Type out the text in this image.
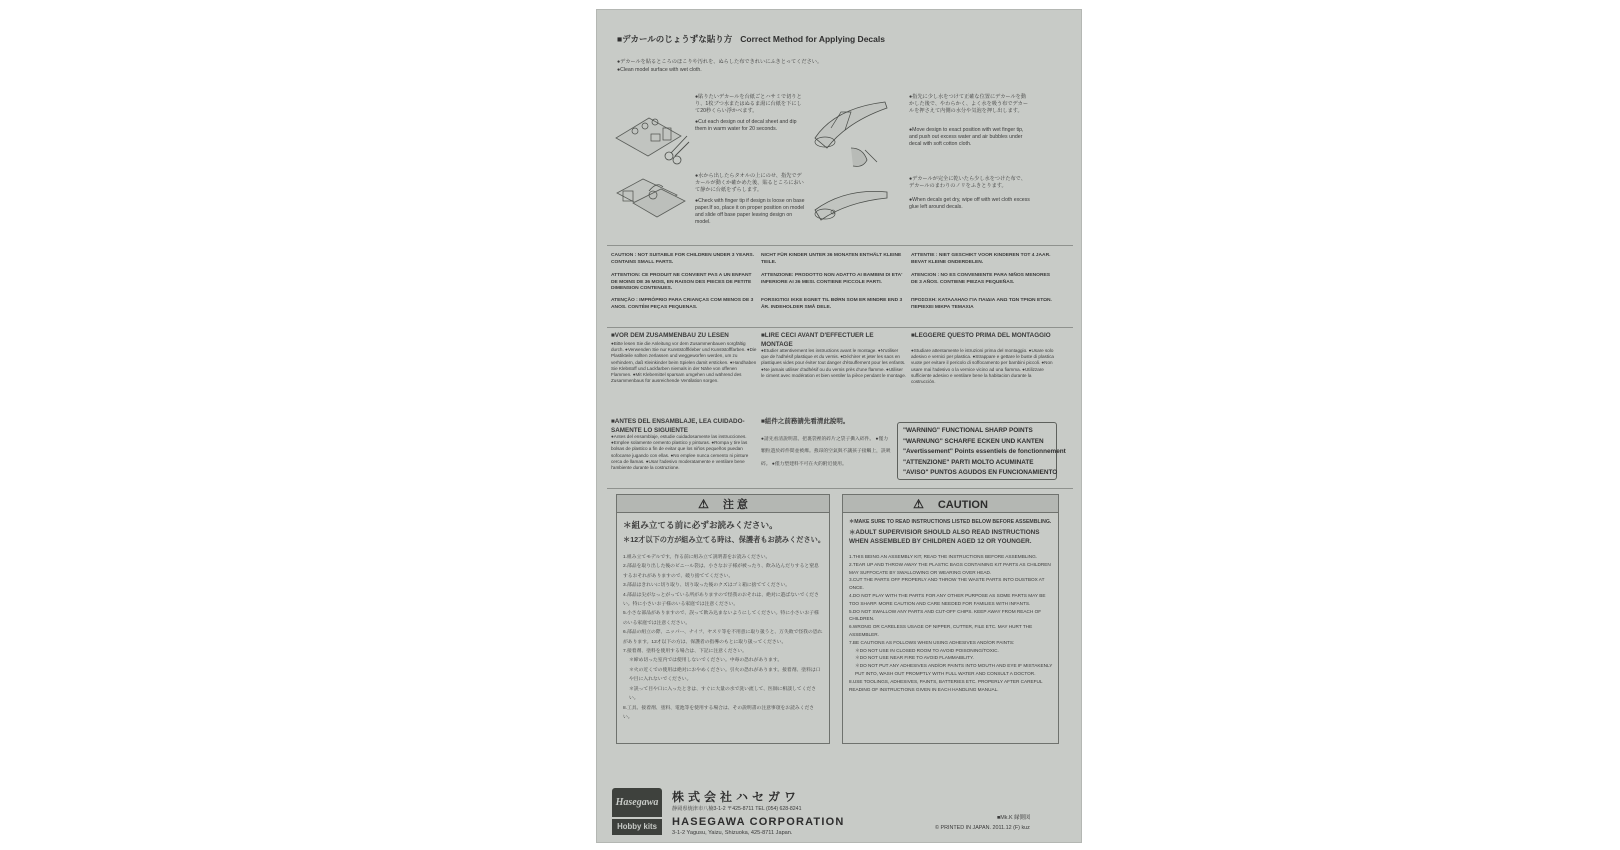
■デカールのじょうずな貼り方 Correct Method for Applying Decals
●デカールを貼るところのほこりや汚れを、ぬらした布できれいにふきとってください。
●Clean model surface with wet cloth.
●貼りたいデカールを台紙ごとハサミで切りとり、1枚ブつ水またはぬるま湯に台紙を下にして20秒くらい浮かべます。
●Cut each design out of decal sheet and dip them in warm water for 20 seconds.
●水から出したらタオルの上にのせ、指先でデカールが動くか確かめた後、貼るところにおいて静かに台紙をずらします。
●Check with finger tip if design is loose on base paper.If so, place it on proper position on model and slide off base paper leaving design on model.
●指先に少し水をつけて正確な位置にデカールを動かした後で、やわらかく、よく水を吸う布でデカールを押さえて内側の水分や気泡を押し出します。
●Move design to exact position with wet finger tip, and push out excess water and air bubbles under decal with soft cotton cloth.
●デカールが完全に乾いたら少し水をつけた布で、デカールのまわりのノリをふきとります。
●When decals get dry, wipe off with wet cloth excess glue left around decals.
CAUTION : NOT SUITABLE FOR CHILDREN UNDER 3 YEARS. CONTAINS SMALL PARTS.
NICHT FÜR KINDER UNTER 36 MONATEN ENTHÄLT KLEINE TEILE.
ATTENTIE : NIET GESCHIKT VOOR KINDEREN TOT 4 JAAR. BEVAT KLEINE ONDERDELEN.
ATTENTION: CE PRODUIT NE CONVIENT PAS A UN ENFANT DE MOINS DE 36 MOIS, EN RAISON DES PIECES DE PETITE DIMENSION CONTENUES.
ATTENZIONE: PRODOTTO NON ADATTO AI BAMBINI DI ETA' INFERIORE AI 36 MESI. CONTIENE PICCOLE PARTI.
ATENCION : NO ES CONVENIENTE PARA NIÑOS MENORES DE 3 AÑOS. CONTIENE PIEZAS PEQUEÑAS.
ATENÇÃO : IMPRÓPRIO PARA CRIANÇAS COM MENOS DE 3 ANOS. CONTÉM PEÇAS PEQUENAS.
FORSIGTIG! IKKE EGNET TIL BØRN SOM ER MINDRE END 3 ÅR. INDEHOLDER SMÅ DELE.
ΠΡΟΣΟΧΗ: ΚΑΤΑΛΛΗΛΟ ΓΙΑ ΠΑΙΔΙΑ ΑΝΩ ΤΩΝ ΤΡΙΩΝ ΕΤΩΝ. ΠΕΡΙΕΧΕΙ ΜΙΚΡΑ ΤΕΜΑΧΙΑ
■VOR DEM ZUSAMMENBAU ZU LESEN
●Bitte lesen Sie die Anleitung vor dem Zusammenbauen sorgfältig durch. ●Verwenden Sie nur Kunststoffkleber und Kunststofffarben. ●Die Plastikteile sollten zerlassen und weggeworfen werden, um zu verhindern, daß Kleinkinder beim Spielen damit ersticken. ●Handhaben Sie Klebstoff und Lackfarben niemals in der Nähe von offenen Flammen. ●Mit Klebemittel sparsam umgehen und während des Zusammenbaus für ausreichende Ventilation sorgen.
■LIRE CECI AVANT D'EFFECTUER LE MONTAGE
●Etudier attentivement les instructions avant le montage. ●N'utiliser que de l'adhésif plastique et du vernis. ●Déchirer et jeter les sacs en plastiques vides pour éviter tout danger d'étouffement pour les enfants. ●Ne jamais utiliser d'adhésif ou du vernis près d'une flamme. ●Utiliser le ciment avec modération et bien ventiler la pièce pendant le montage.
■LEGGERE QUESTO PRIMA DEL MONTAGGIO
●Studiare attentamente le istruzioni prima del montaggio. ●Usare solo adesivo e vernici per plastica. ●Strappare e gettare le buste di plastica vuote per evitare il pericolo di soffocamento per bambini piccoli. ●Non usare mai l'adesivo o la vernice vicino ad una fiamma. ●Utilizzare sufficiente adesivo e ventilare bene la habitacion durante la costrucción.
■ANTES DEL ENSAMBLAJE, LEA CUIDADO-SAMENTE LO SIGUIENTE
●Antes del ensamblaje, estudie cuidadosamente las instrucciones. ●Emplee solamente cemento plastico y pinturas. ●Rompa y tire las bolsas de plastico a fin de evitar que los niños pequeños puedan sofocarse jugando con ellas. ●No emplee nunca cemento ni pinture cerca de llamas. ●Usar l'adesivo moderatamente e ventilare bene l'ambiente durante la costruzione.
■組件之前務請先看清此說明。
●請先看清說明書。把裹袋裡的碎片之袋子撕入碎件。 ●僅力顆粒遊於碎件間並被爆。燕昂的空氣與不讓孩子接觸上，誤吸碎。 ●僅力塑建料不可在火的附近使用。
"WARNING" FUNCTIONAL SHARP POINTS
"WARNUNG" SCHARFE ECKEN UND KANTEN
"Avertissement" Points essentiels de fonctionnement
"ATTENZIONE" PARTI MOLTO ACUMINATE
"AVISO" PUNTOS AGUDOS EN FUNCIONAMIENTO
⚠ 注 意
＊組み立てる前に必ずお読みください。
＊12才以下の方が組み立てる時は、保護者もお読みください。
1.組み立てモデルです。作る前に組み立て説明書をお読みください。
2.部品を取り出した後のビニール袋は、小さなお子様が被ったり、飲み込んだりすると窒息するおそれがありますので、破り捨ててください。
3.部品はきれいに切り取り、切り取った後のクズはゴミ箱に捨ててください。
4.部品は尖がなっとがっている所がありますので怪我のおそれは、絶対に遊ばないでください。特に小さいお子様のいる家庭では注意ください。
5.小さな部品がありますので、誤って飲み込まないようにしてください。特に小さいお子様のいる家庭では注意ください。
6.部品の組立の際、ニッパー、ナイフ、ヤスリ等を不用意に取り扱うと、万失敗で怪我の恐れがあります。12才以下の方は、保護者の指導のもとに取り扱ってください。
7.接着剤、塗料を使用する場合は、下記に注意ください。
＊締め切った室内では使用しないでください。中毒の恐れがあります。
＊火の近くでの使用は絶対におやめください。引火の恐れがあります。接着剤、塗料は口や目に入れないでください。
＊誤って目や口に入ったときは、すぐに大量の水で洗い流して、医師に相談してください。
8.工具、接着剤、塗料、電池等を使用する場合は、その説明書の注意事項をお読みください。
⚠ CAUTION
＊MAKE SURE TO READ INSTRUCTIONS LISTED BELOW BEFORE ASSEMBLING.
＊ADULT SUPERVISIOR SHOULD ALSO READ INSTRUCTIONS WHEN ASSEMBLED BY CHILDREN AGED 12 OR YOUNGER.
1.THIS BEING AN ASSEMBLY KIT, READ THE INSTRUCTIONS BEFORE ASSEMBLING.
2.TEAR UP AND THROW AWAY THE PLASTIC BAGS CONTAINING KIT PARTS AS CHILDREN MAY SUFFOCATE BY SWALLOWING OR WEARING OVER HEAD.
3.CUT THE PARTS OFF PROPERLY AND THROW THE WASTE PARTS INTO DUSTBOX AT ONCE.
4.DO NOT PLAY WITH THE PARTS FOR ANY OTHER PURPOSE AS SOME PARTS MAY BE TOO SHARP. MORE CAUTION AND CARE NEEDED FOR FAMILIES WITH INFANTS.
5.DO NOT SWALLOW ANY PARTS AND CUT-OFF CHIPS. KEEP AWAY FROM REACH OF CHILDREN.
6.WRONG OR CARELESS USAGE OF NIPPER, CUTTER, FILE ETC. MAY HURT THE ASSEMBLER.
7.BE CAUTIONS AS FOLLOWS WHEN USING ADHESIVES AND/OR PAINTS:
＊DO NOT USE IN CLOSED ROOM TO AVOID POISONING/TOXIC.
＊DO NOT USE NEAR FIRE TO AVOID FLAMMABILITY.
＊DO NOT PUT ANY ADHESIVES AND/OR PAINTS INTO MOUTH AND EYE IF MISTAKENLY PUT INTO, WASH OUT PROMPTLY WITH FULL WATER AND CONSULT A DOCTOR.
8.USE TOOLINGS, ADHESIVES, PAINTS, BATTERIES ETC. PROPERLY AFTER CAREFUL READING OF INSTRUCTIONS GIVEN IN EACH HANDLING MANUAL.
Hasegawa
Hobby kits
株式会社ハセガワ
静岡県焼津市八楠3-1-2 〒425-8711 TEL (054) 628-8241
HASEGAWA CORPORATION
3-1-2 Yagusu, Yaizu, Shizuoka, 425-8711 Japan.
■Mk.K 縁側図
© PRINTED IN JAPAN. 2011.12 (F) kuz
